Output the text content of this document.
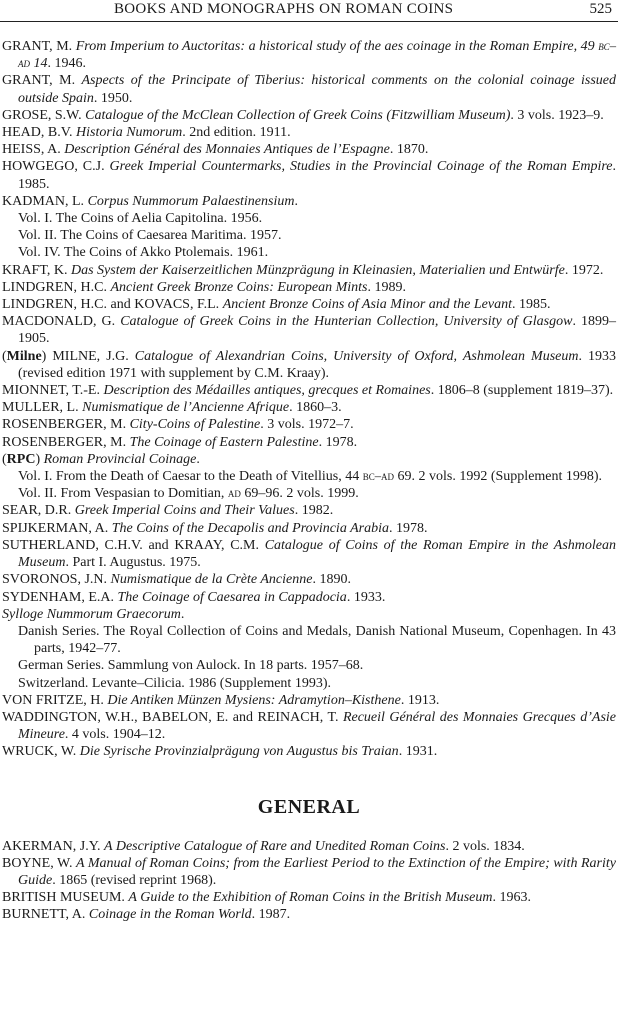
BOOKS AND MONOGRAPHS ON ROMAN COINS	525

GRANT, M. From Imperium to Auctoritas: a historical study of the aes coinage in the Roman Empire, 49 bc–ad 14. 1946.

GRANT, M. Aspects of the Principate of Tiberius: historical comments on the colonial coinage issued outside Spain. 1950.

GROSE, S.W. Catalogue of the McClean Collection of Greek Coins (Fitzwilliam Museum). 3 vols. 1923–9.

HEAD, B.V. Historia Numorum. 2nd edition. 1911.

HEISS, A. Description Général des Monnaies Antiques de l’Espagne. 1870.

HOWGEGO, C.J. Greek Imperial Countermarks, Studies in the Provincial Coinage of the Roman Empire. 1985.

KADMAN, L. Corpus Nummorum Palaestinensium.

Vol. I. The Coins of Aelia Capitolina. 1956.

Vol. II. The Coins of Caesarea Maritima. 1957.

Vol. IV. The Coins of Akko Ptolemais. 1961.

KRAFT, K. Das System der Kaiserzeitlichen Münzprägung in Kleinasien, Materialien und Entwürfe. 1972.

LINDGREN, H.C. Ancient Greek Bronze Coins: European Mints. 1989.

LINDGREN, H.C. and KOVACS, F.L. Ancient Bronze Coins of Asia Minor and the Levant. 1985.

MACDONALD, G. Catalogue of Greek Coins in the Hunterian Collection, University of Glasgow. 1899–1905.

(Milne) MILNE, J.G. Catalogue of Alexandrian Coins, University of Oxford, Ashmolean Museum. 1933 (revised edition 1971 with supplement by C.M. Kraay).

MIONNET, T.-E. Description des Médailles antiques, grecques et Romaines. 1806–8 (supplement 1819–37).

MULLER, L. Numismatique de l’Ancienne Afrique. 1860–3.

ROSENBERGER, M. City-Coins of Palestine. 3 vols. 1972–7.

ROSENBERGER, M. The Coinage of Eastern Palestine. 1978.

(RPC) Roman Provincial Coinage.

Vol. I. From the Death of Caesar to the Death of Vitellius, 44 bc–ad 69. 2 vols. 1992 (Supplement 1998).

Vol. II. From Vespasian to Domitian, ad 69–96. 2 vols. 1999.

SEAR, D.R. Greek Imperial Coins and Their Values. 1982.

SPIJKERMAN, A. The Coins of the Decapolis and Provincia Arabia. 1978.

SUTHERLAND, C.H.V. and KRAAY, C.M. Catalogue of Coins of the Roman Empire in the Ashmolean Museum. Part I. Augustus. 1975.

SVORONOS, J.N. Numismatique de la Crète Ancienne. 1890.

SYDENHAM, E.A. The Coinage of Caesarea in Cappadocia. 1933.

Sylloge Nummorum Graecorum.

Danish Series. The Royal Collection of Coins and Medals, Danish National Museum, Copenhagen. In 43 parts, 1942–77.

German Series. Sammlung von Aulock. In 18 parts. 1957–68.

Switzerland. Levante–Cilicia. 1986 (Supplement 1993).

VON FRITZE, H. Die Antiken Münzen Mysiens: Adramytion–Kisthene. 1913.

WADDINGTON, W.H., BABELON, E. and REINACH, T. Recueil Général des Monnaies Grecques d’Asie Mineure. 4 vols. 1904–12.

WRUCK, W. Die Syrische Provinzialprägung von Augustus bis Traian. 1931.

GENERAL

AKERMAN, J.Y. A Descriptive Catalogue of Rare and Unedited Roman Coins. 2 vols. 1834.

BOYNE, W. A Manual of Roman Coins; from the Earliest Period to the Extinction of the Empire; with Rarity Guide. 1865 (revised reprint 1968).

BRITISH MUSEUM. A Guide to the Exhibition of Roman Coins in the British Museum. 1963.

BURNETT, A. Coinage in the Roman World. 1987.
